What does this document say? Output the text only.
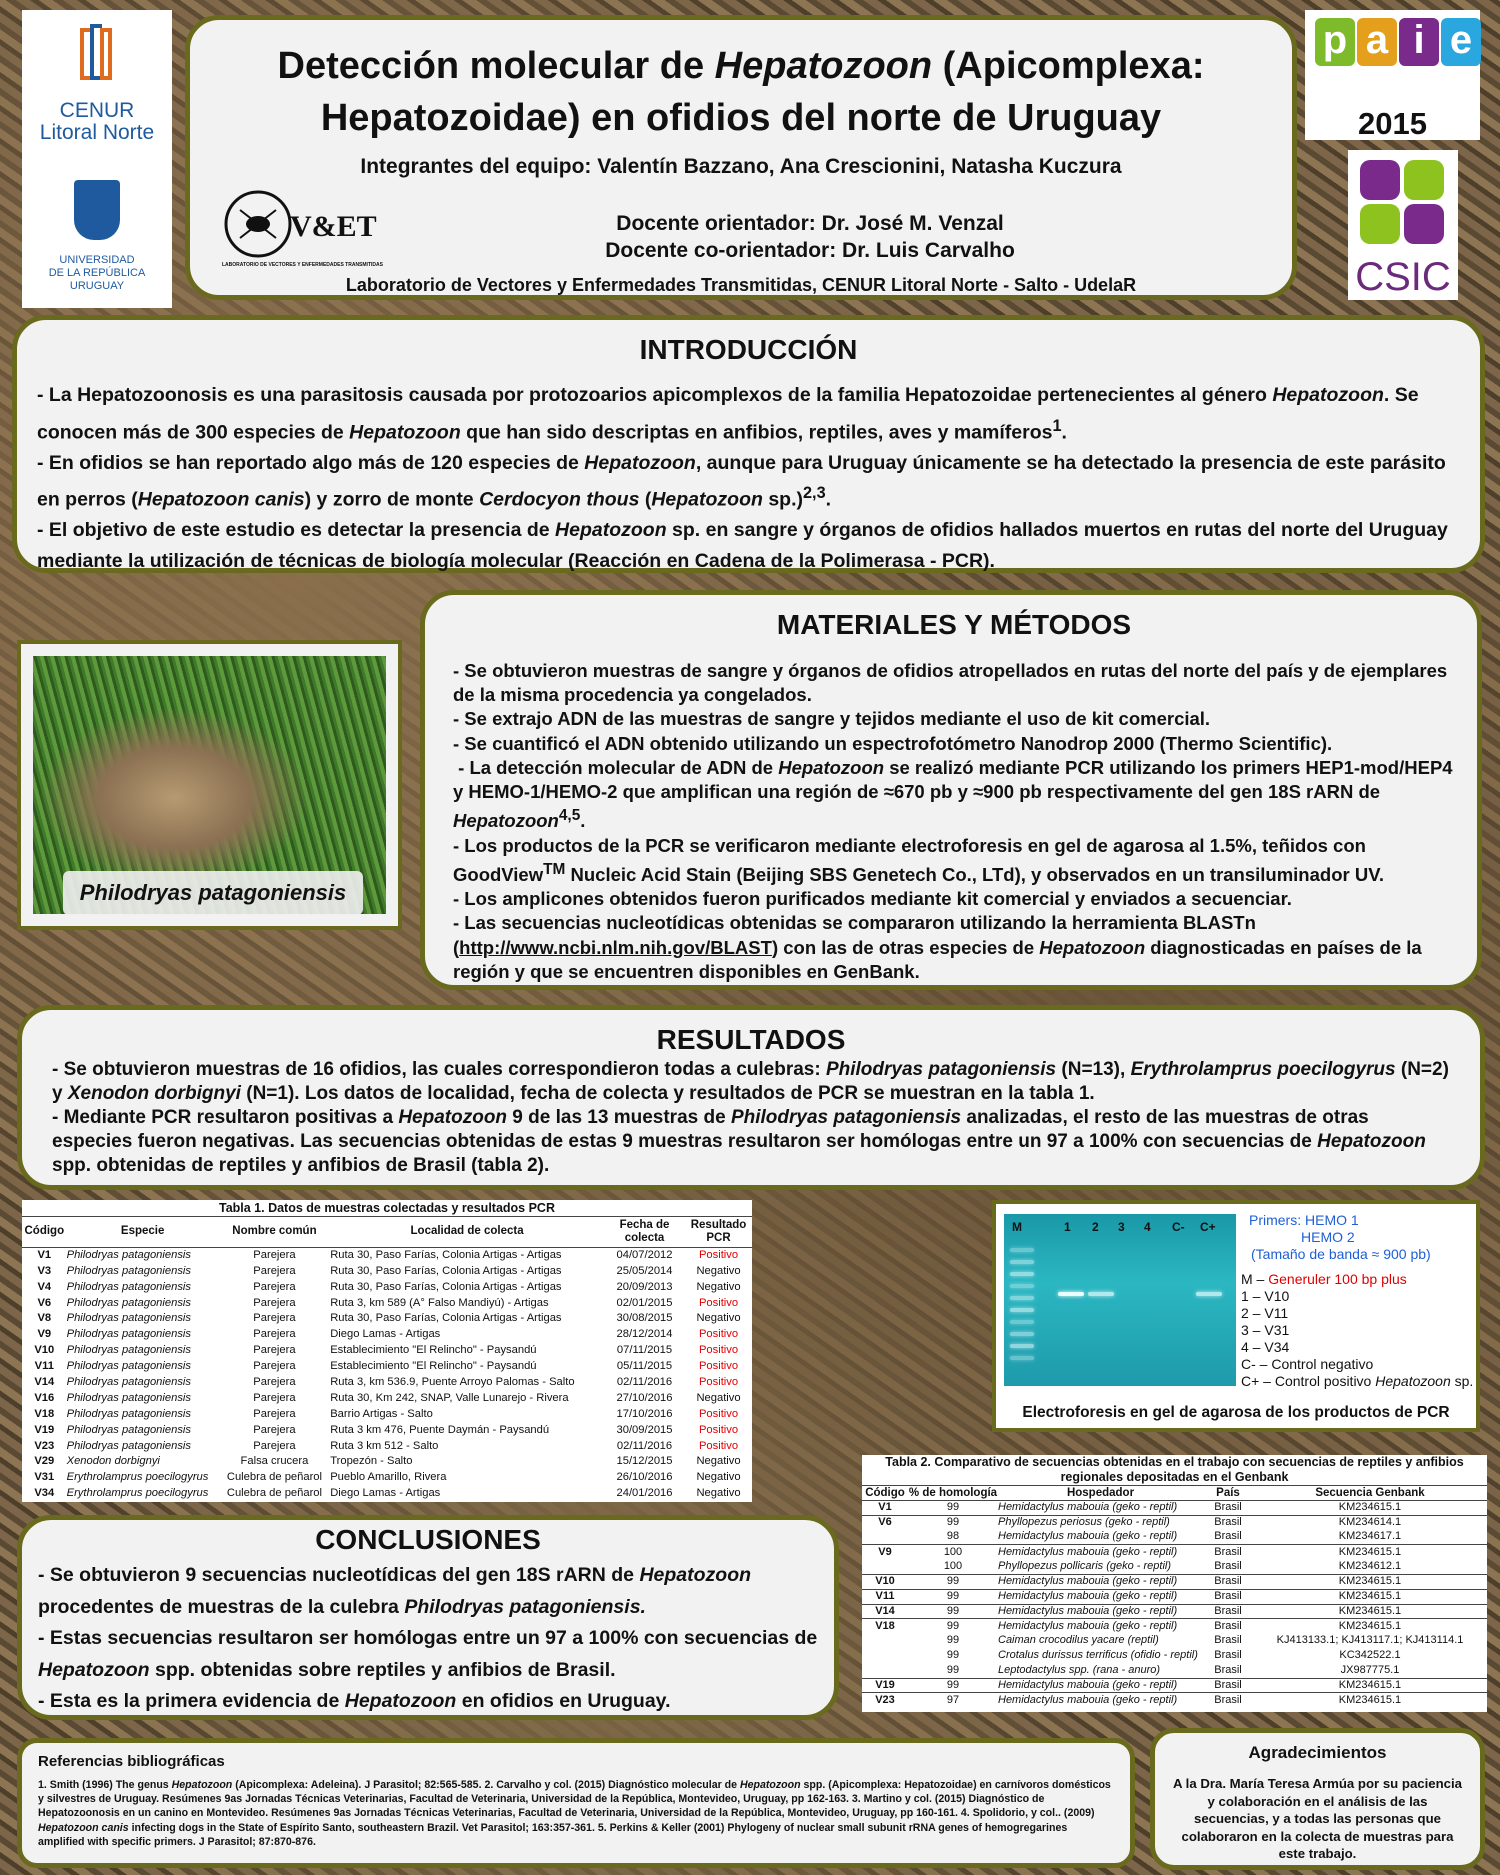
CENUR
Litoral Norte
UNIVERSIDAD
DE LA REPÚBLICA
URUGUAY
p a i e
2015
CSIC
Detección molecular de Hepatozoon (Apicomplexa: Hepatozoidae) en ofidios del norte de Uruguay
Integrantes del equipo: Valentín Bazzano, Ana Crescionini, Natasha Kuczura
V&ET
LABORATORIO DE VECTORES Y ENFERMEDADES TRANSMITIDAS
Docente orientador: Dr. José M. Venzal
Docente co-orientador: Dr. Luis Carvalho
Laboratorio de Vectores y Enfermedades Transmitidas, CENUR Litoral Norte - Salto - UdelaR
INTRODUCCIÓN
- La Hepatozoonosis es una parasitosis causada por protozoarios apicomplexos de la familia Hepatozoidae pertenecientes al género Hepatozoon. Se conocen más de 300 especies de Hepatozoon que han sido descriptas en anfibios, reptiles, aves y mamíferos$^1$.
- En ofidios se han reportado algo más de 120 especies de Hepatozoon, aunque para Uruguay únicamente se ha detectado la presencia de este parásito en perros (Hepatozoon canis) y zorro de monte Cerdocyon thous (Hepatozoon sp.)$^{2,3}$.
- El objetivo de este estudio es detectar la presencia de Hepatozoon sp. en sangre y órganos de ofidios hallados muertos en rutas del norte del Uruguay mediante la utilización de técnicas de biología molecular (Reacción en Cadena de la Polimerasa - PCR).
Philodryas patagoniensis
MATERIALES Y MÉTODOS
- Se obtuvieron muestras de sangre y órganos de ofidios atropellados en rutas del norte del país y de ejemplares de la misma procedencia ya congelados.
- Se extrajo ADN de las muestras de sangre y tejidos mediante el uso de kit comercial.
- Se cuantificó el ADN obtenido utilizando un espectrofotómetro Nanodrop 2000 (Thermo Scientific).
- La detección molecular de ADN de Hepatozoon se realizó mediante PCR utilizando los primers HEP1-mod/HEP4 y HEMO-1/HEMO-2 que amplifican una región de ≈670 pb y ≈900 pb respectivamente del gen 18S rARN de Hepatozoon$^{4,5}$.
- Los productos de la PCR se verificaron mediante electroforesis en gel de agarosa al 1.5%, teñidos con GoodView™ Nucleic Acid Stain (Beijing SBS Genetech Co., LTd), y observados en un transiluminador UV.
- Los amplicones obtenidos fueron purificados mediante kit comercial y enviados a secuenciar.
- Las secuencias nucleotídicas obtenidas se compararon utilizando la herramienta BLASTn (http://www.ncbi.nlm.nih.gov/BLAST) con las de otras especies de Hepatozoon diagnosticadas en países de la región y que se encuentren disponibles en GenBank.
RESULTADOS
- Se obtuvieron muestras de 16 ofidios, las cuales correspondieron todas a culebras: Philodryas patagoniensis (N=13), Erythrolamprus poecilogyrus (N=2) y Xenodon dorbignyi (N=1). Los datos de localidad, fecha de colecta y resultados de PCR se muestran en la tabla 1.
- Mediante PCR resultaron positivas a Hepatozoon 9 de las 13 muestras de Philodryas patagoniensis analizadas, el resto de las muestras de otras especies fueron negativas. Las secuencias obtenidas de estas 9 muestras resultaron ser homólogas entre un 97 a 100% con secuencias de Hepatozoon spp. obtenidas de reptiles y anfibios de Brasil (tabla 2).
Tabla 1. Datos de muestras colectadas y resultados PCR
Código	Especie	Nombre común	Localidad de colecta	Fecha de colecta	Resultado PCR
V1	Philodryas patagoniensis	Parejera	Ruta 30, Paso Farías, Colonia Artigas - Artigas	04/07/2012	Positivo
V3	Philodryas patagoniensis	Parejera	Ruta 30, Paso Farías, Colonia Artigas - Artigas	25/05/2014	Negativo
V4	Philodryas patagoniensis	Parejera	Ruta 30, Paso Farías, Colonia Artigas - Artigas	20/09/2013	Negativo
V6	Philodryas patagoniensis	Parejera	Ruta 3, km 589 (A° Falso Mandiyú) - Artigas	02/01/2015	Positivo
V8	Philodryas patagoniensis	Parejera	Ruta 30, Paso Farías, Colonia Artigas - Artigas	30/08/2015	Negativo
V9	Philodryas patagoniensis	Parejera	Diego Lamas - Artigas	28/12/2014	Positivo
V10	Philodryas patagoniensis	Parejera	Establecimiento "El Relincho" - Paysandú	07/11/2015	Positivo
V11	Philodryas patagoniensis	Parejera	Establecimiento "El Relincho" - Paysandú	05/11/2015	Positivo
V14	Philodryas patagoniensis	Parejera	Ruta 3, km 536.9, Puente Arroyo Palomas - Salto	02/11/2016	Positivo
V16	Philodryas patagoniensis	Parejera	Ruta 30, Km 242, SNAP, Valle Lunarejo - Rivera	27/10/2016	Negativo
V18	Philodryas patagoniensis	Parejera	Barrio Artigas - Salto	17/10/2016	Positivo
V19	Philodryas patagoniensis	Parejera	Ruta 3 km 476, Puente Daymán - Paysandú	30/09/2015	Positivo
V23	Philodryas patagoniensis	Parejera	Ruta 3 km 512 - Salto	02/11/2016	Positivo
V29	Xenodon dorbignyi	Falsa crucera	Tropezón - Salto	15/12/2015	Negativo
V31	Erythrolamprus poecilogyrus	Culebra de peñarol	Pueblo Amarillo, Rivera	26/10/2016	Negativo
V34	Erythrolamprus poecilogyrus	Culebra de peñarol	Diego Lamas - Artigas	24/01/2016	Negativo
M	1 2 3 4 C- C+	Primers: HEMO 1
HEMO 2
(Tamaño de banda ≈ 900 pb)
M – Generuler 100 bp plus
1 – V10
2 – V11
3 – V31
4 – V34
C- – Control negativo
C+ – Control positivo Hepatozoon sp.
Electroforesis en gel de agarosa de los productos de PCR
Tabla 2. Comparativo de secuencias obtenidas en el trabajo con secuencias de reptiles y anfibios regionales depositadas en el Genbank
Código	% de homología	Hospedador	País	Secuencia Genbank
V1	99	Hemidactylus mabouia (geko - reptil)	Brasil	KM234615.1
V6	99	Phyllopezus periosus (geko - reptil)	Brasil	KM234614.1
	98	Hemidactylus mabouia (geko - reptil)	Brasil	KM234617.1
V9	100	Hemidactylus mabouia (geko - reptil)	Brasil	KM234615.1
	100	Phyllopezus pollicaris (geko - reptil)	Brasil	KM234612.1
V10	99	Hemidactylus mabouia (geko - reptil)	Brasil	KM234615.1
V11	99	Hemidactylus mabouia (geko - reptil)	Brasil	KM234615.1
V14	99	Hemidactylus mabouia (geko - reptil)	Brasil	KM234615.1
V18	99	Hemidactylus mabouia (geko - reptil)	Brasil	KM234615.1
	99	Caiman crocodilus yacare (reptil)	Brasil	KJ413133.1; KJ413117.1; KJ413114.1
	99	Crotalus durissus terrificus (ofidio - reptil)	Brasil	KC342522.1
	99	Leptodactylus spp. (rana - anuro)	Brasil	JX987775.1
V19	99	Hemidactylus mabouia (geko - reptil)	Brasil	KM234615.1
V23	97	Hemidactylus mabouia (geko - reptil)	Brasil	KM234615.1
CONCLUSIONES
- Se obtuvieron 9 secuencias nucleotídicas del gen 18S rARN de Hepatozoon procedentes de muestras de la culebra Philodryas patagoniensis.
- Estas secuencias resultaron ser homólogas entre un 97 a 100% con secuencias de Hepatozoon spp. obtenidas sobre reptiles y anfibios de Brasil.
- Esta es la primera evidencia de Hepatozoon en ofidios en Uruguay.
Referencias bibliográficas

1. Smith (1996) The genus Hepatozoon (Apicomplexa: Adeleina). J Parasitol; 82:565-585. 2. Carvalho y col. (2015) Diagnóstico molecular de Hepatozoon spp. (Apicomplexa: Hepatozoidae) en carnívoros domésticos y silvestres de Uruguay. Resúmenes 9as Jornadas Técnicas Veterinarias, Facultad de Veterinaria, Universidad de la República, Montevideo, Uruguay, pp 162-163. 3. Martino y col. (2015) Diagnóstico de Hepatozoonosis en un canino en Montevideo. Resúmenes 9as Jornadas Técnicas Veterinarias, Facultad de Veterinaria, Universidad de la República, Montevideo, Uruguay, pp 160-161. 4. Spolidorio, y col.. (2009) Hepatozoon canis infecting dogs in the State of Espírito Santo, southeastern Brazil. Vet Parasitol; 163:357-361. 5. Perkins & Keller (2001) Phylogeny of nuclear small subunit rRNA genes of hemogregarines amplified with specific primers. J Parasitol; 87:870-876.

Agradecimientos

A la Dra. María Teresa Armúa por su paciencia y colaboración en el análisis de las secuencias, y a todas las personas que colaboraron en la colecta de muestras para este trabajo.
